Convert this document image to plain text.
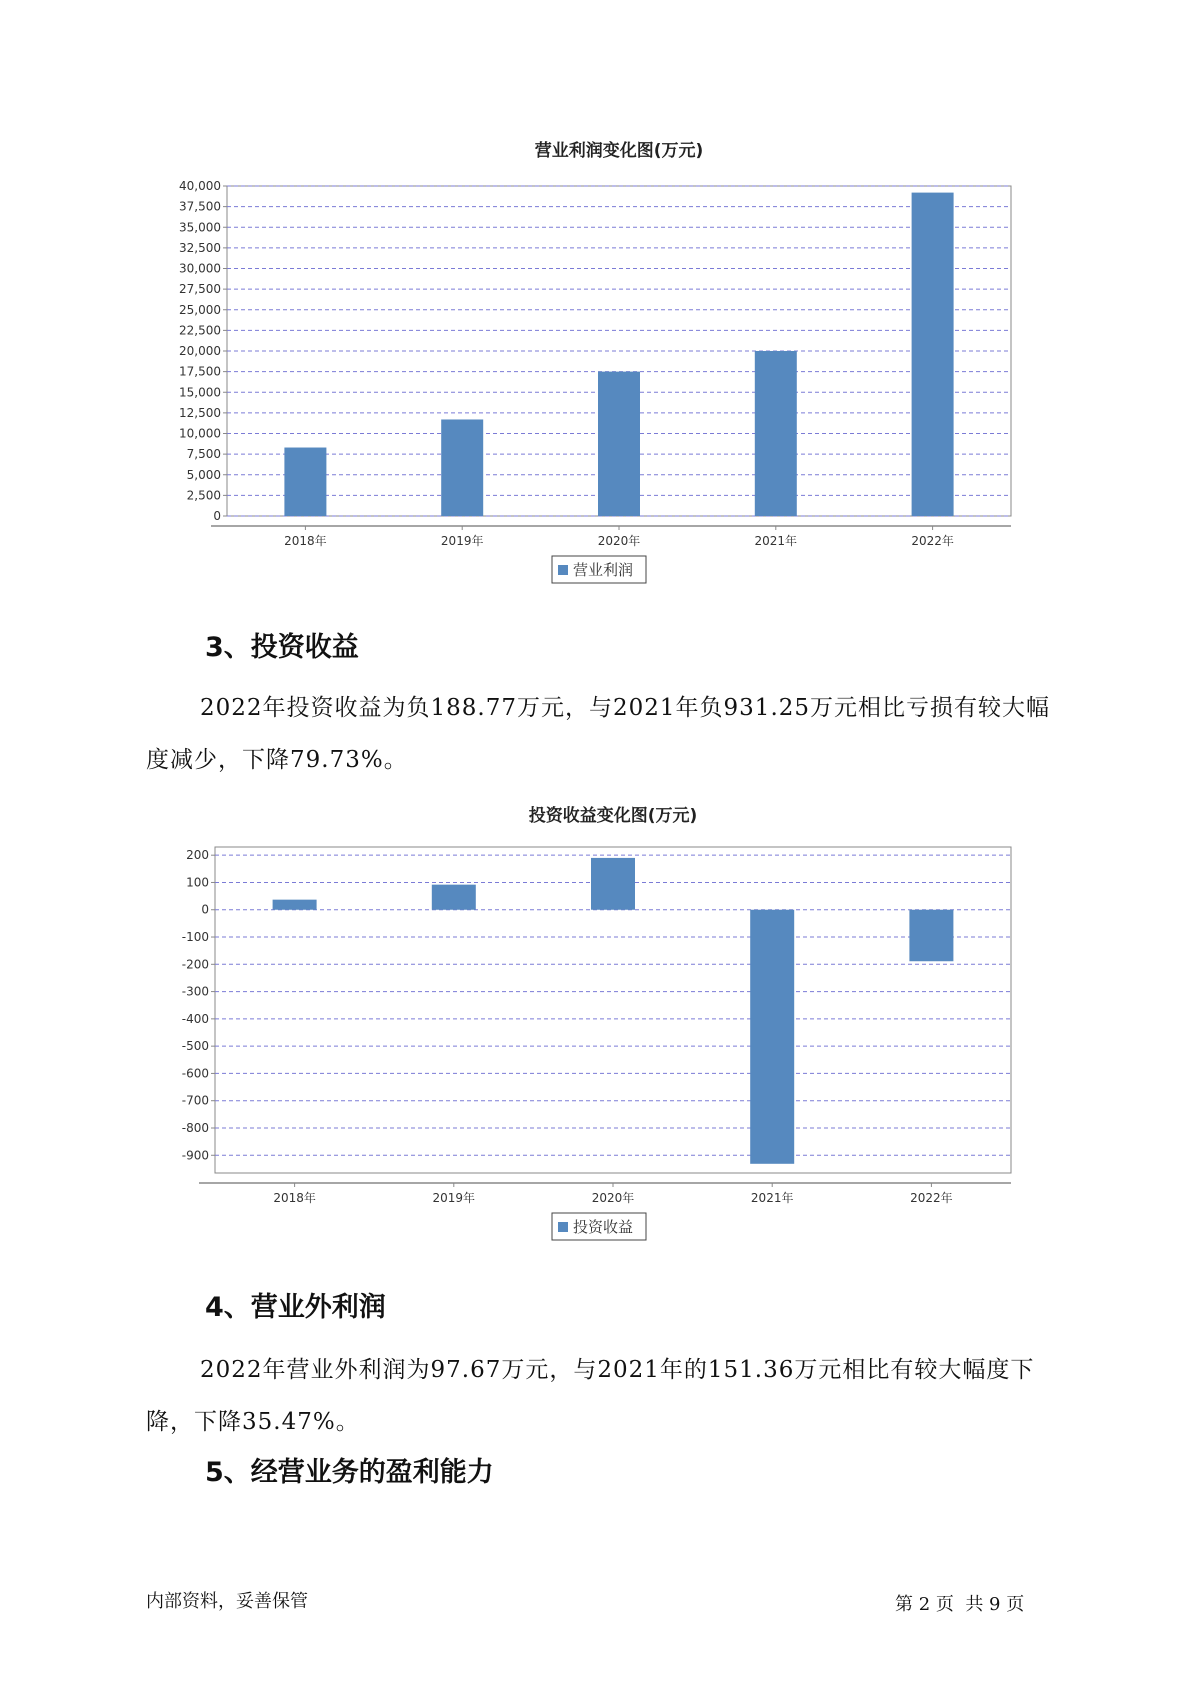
营业利润变化图(万元)
0
2,500
5,000
7,500
10,000
12,500
15,000
17,500
20,000
22,500
25,000
27,500
30,000
32,500
35,000
37,500
40,000
2018年	2019年	2020年	2021年	2022年
营业利润
3、投资收益

2022年投资收益为负188.77万元，与2021年负931.25万元相比亏损有较大幅度减少，下降79.73%。

投资收益变化图(万元)
200
100
0
-100
-200
-300
-400
-500
-600
-700
-800
-900
2018年	2019年	2020年	2021年	2022年
投资收益
4、营业外利润

2022年营业外利润为97.67万元，与2021年的151.36万元相比有较大幅度下降，下降35.47%。

5、经营业务的盈利能力
内部资料，妥善保管	第 2 页  共 9 页
